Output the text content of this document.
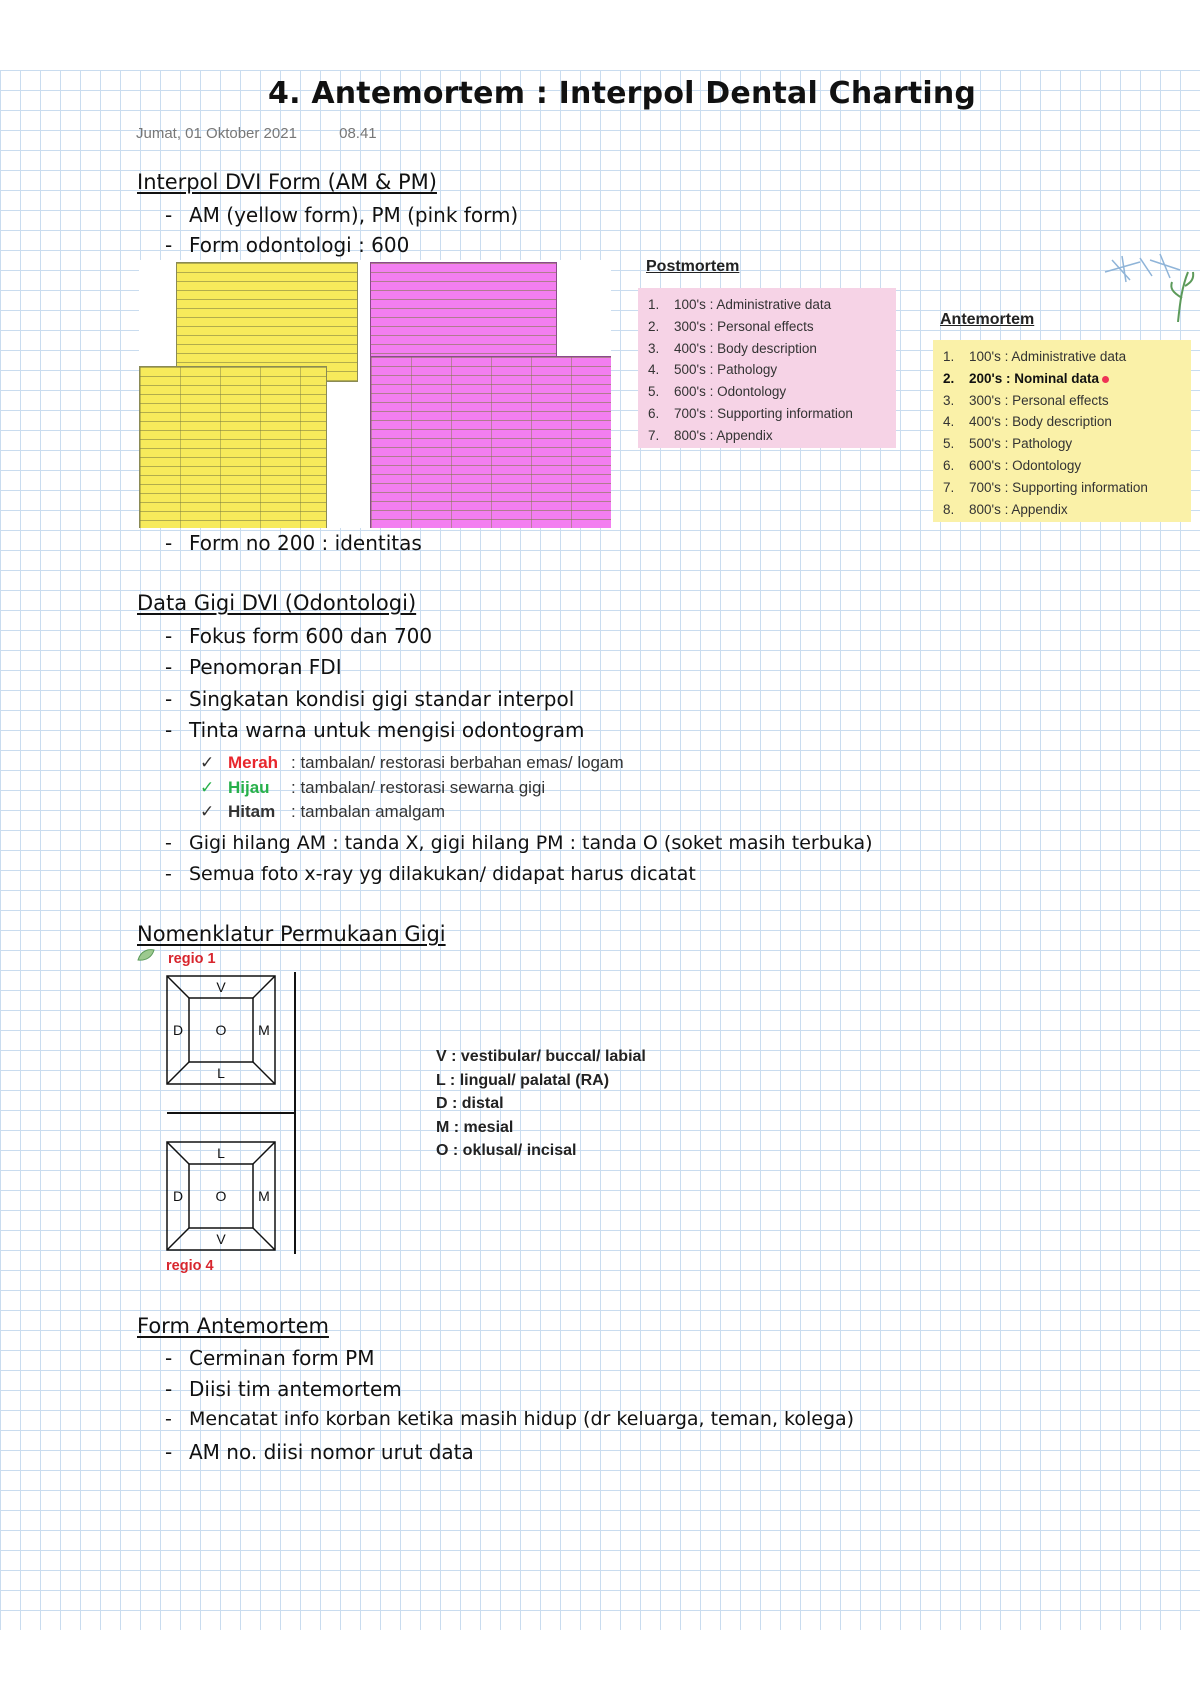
4. Antemortem : Interpol Dental Charting
Jumat, 01 Oktober 2021	08.41
Interpol DVI Form (AM & PM)
- AM (yellow form), PM (pink form)
- Form odontologi : 600
Postmortem
1. 100's : Administrative data
2. 300's : Personal effects
3. 400's : Body description
4. 500's : Pathology
5. 600's : Odontology
6. 700's : Supporting information
7. 800's : Appendix
Antemortem
1. 100's : Administrative data
2. 200's : Nominal data
3. 300's : Personal effects
4. 400's : Body description
5. 500's : Pathology
6. 600's : Odontology
7. 700's : Supporting information
8. 800's : Appendix
- Form no 200 : identitas
Data Gigi DVI (Odontologi)
- Fokus form 600 dan 700
- Penomoran FDI
- Singkatan kondisi gigi standar interpol
- Tinta warna untuk mengisi odontogram
✓ Merah : tambalan/ restorasi berbahan emas/ logam
✓ Hijau : tambalan/ restorasi sewarna gigi
✓ Hitam : tambalan amalgam
- Gigi hilang AM : tanda X, gigi hilang PM : tanda O (soket masih terbuka)
- Semua foto x-ray yg dilakukan/ didapat harus dicatat
Nomenklatur Permukaan Gigi
regio 1
V
D O M
L
L
D O M
V
regio 4
V : vestibular/ buccal/ labial
L : lingual/ palatal (RA)
D : distal
M : mesial
O : oklusal/ incisal
Form Antemortem
- Cerminan form PM
- Diisi tim antemortem
- Mencatat info korban ketika masih hidup (dr keluarga, teman, kolega)
- AM no. diisi nomor urut data
